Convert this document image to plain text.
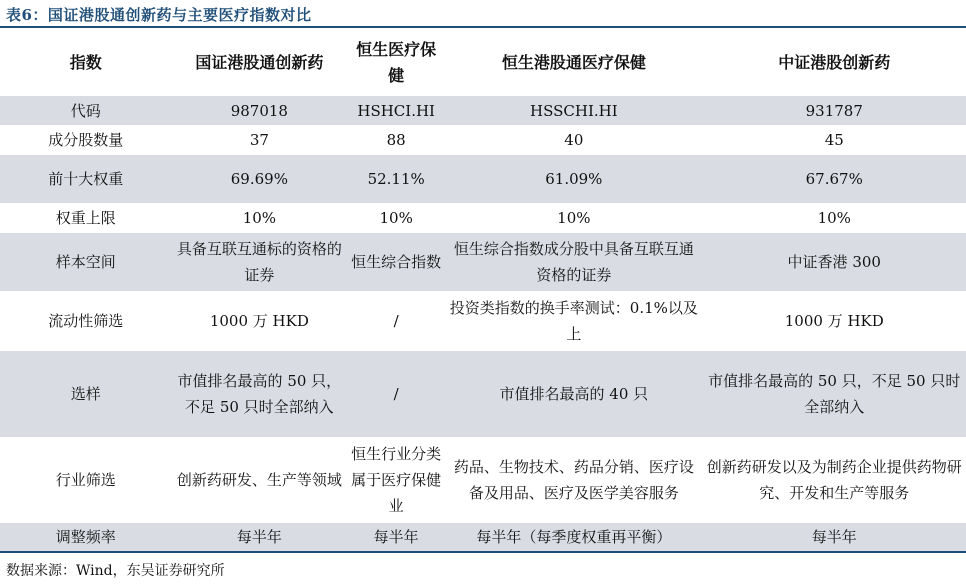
表6：国证港股通创新药与主要医疗指数对比
指数	国证港股通创新药	恒生医疗保健	恒生港股通医疗保健	中证港股创新药
代码	987018	HSHCI.HI	HSSCHI.HI	931787
成分股数量	37	88	40	45
前十大权重	69.69%	52.11%	61.09%	67.67%
权重上限	10%	10%	10%	10%
样本空间	具备互联互通标的资格的证券	恒生综合指数	恒生综合指数成分股中具备互联互通资格的证券	中证香港 300
流动性筛选	1000 万 HKD	/	投资类指数的换手率测试：0.1%以及上	1000 万 HKD
选样	市值排名最高的 50 只，不足 50 只时全部纳入	/	市值排名最高的 40 只	市值排名最高的 50 只，不足 50 只时全部纳入
行业筛选	创新药研发、生产等领域	恒生行业分类属于医疗保健业	药品、生物技术、药品分销、医疗设备及用品、医疗及医学美容服务	创新药研发以及为制药企业提供药物研究、开发和生产等服务
调整频率	每半年	每半年	每半年（每季度权重再平衡）	每半年
数据来源：Wind，东吴证券研究所
